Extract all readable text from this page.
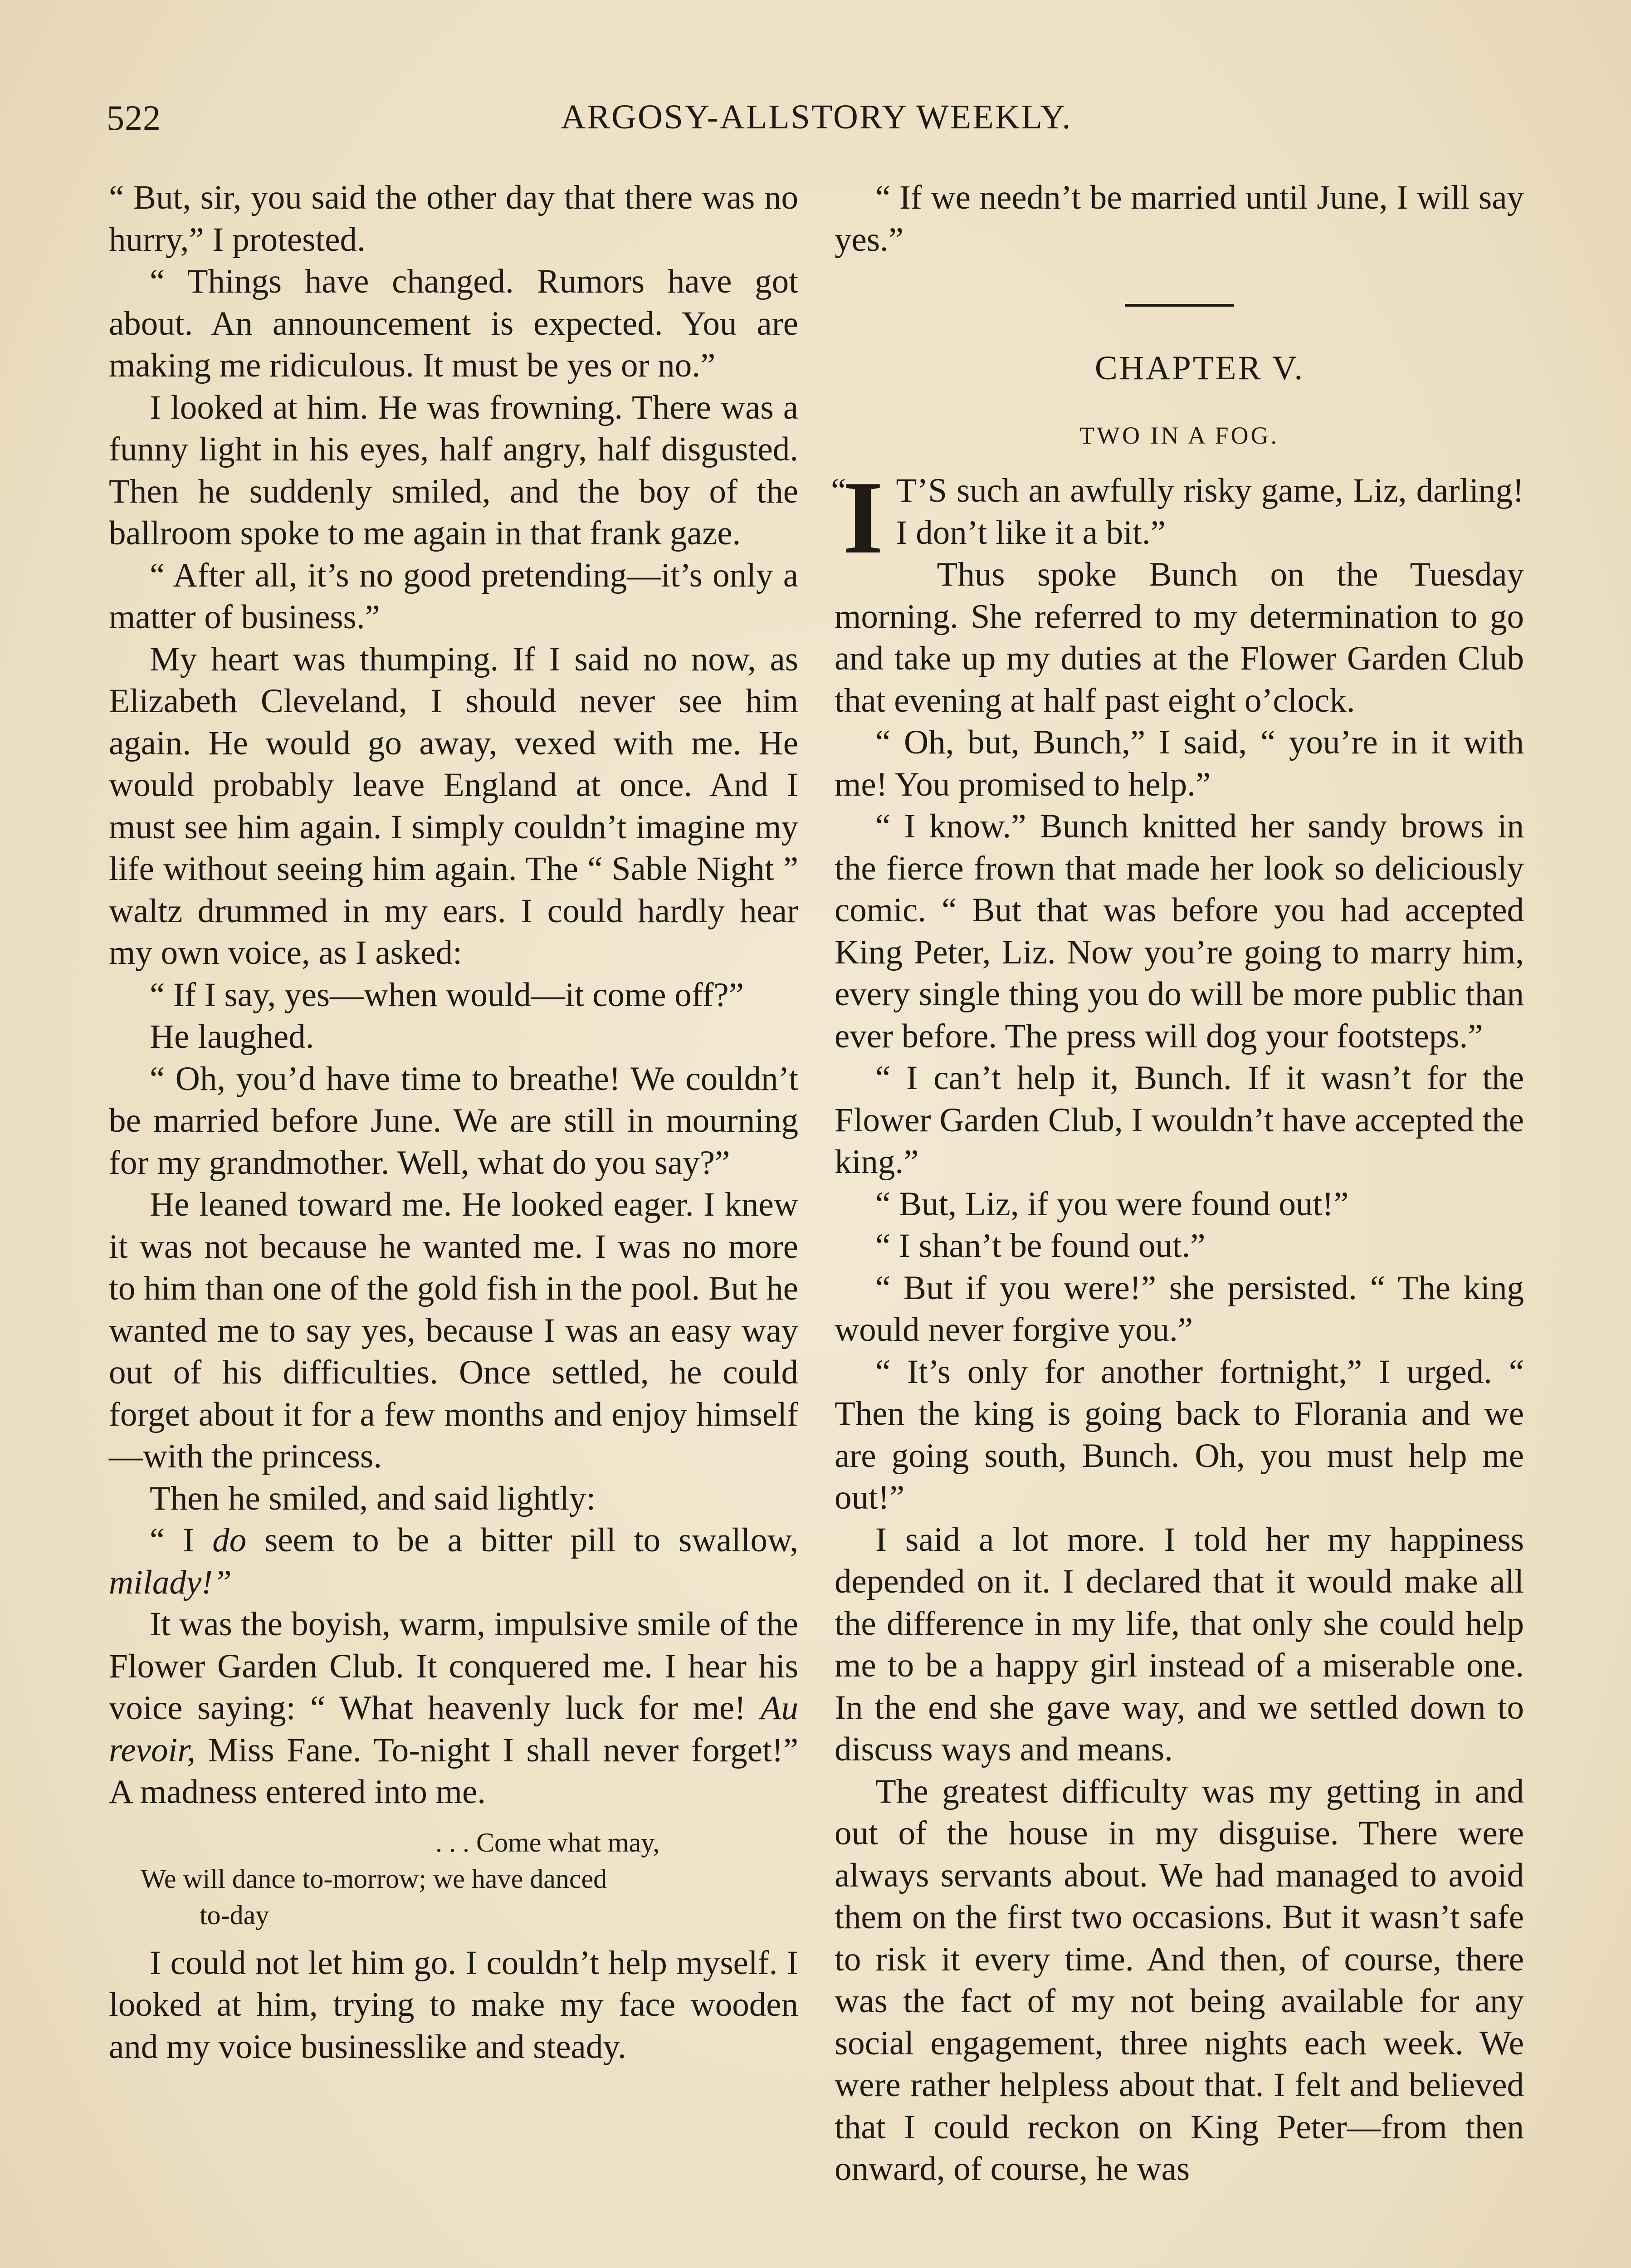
522	ARGOSY-ALLSTORY WEEKLY.

“ But, sir, you said the other day that there was no hurry,” I protested.

“ Things have changed. Rumors have got about. An announcement is expected. You are making me ridiculous. It must be yes or no.”

I looked at him. He was frowning. There was a funny light in his eyes, half angry, half disgusted. Then he suddenly smiled, and the boy of the ballroom spoke to me again in that frank gaze.

“ After all, it’s no good pretending—it’s only a matter of business.”

My heart was thumping. If I said no now, as Elizabeth Cleveland, I should never see him again. He would go away, vexed with me. He would probably leave England at once. And I must see him again. I simply couldn’t imagine my life without seeing him again. The “ Sable Night ” waltz drummed in my ears. I could hardly hear my own voice, as I asked:

“ If I say, yes—when would—it come off?”

He laughed.

“ Oh, you’d have time to breathe! We couldn’t be married before June. We are still in mourning for my grandmother. Well, what do you say?”

He leaned toward me. He looked eager. I knew it was not because he wanted me. I was no more to him than one of the gold fish in the pool. But he wanted me to say yes, because I was an easy way out of his difficulties. Once settled, he could forget about it for a few months and enjoy himself—with the princess.

Then he smiled, and said lightly:

“ I do seem to be a bitter pill to swallow, milady!”

It was the boyish, warm, impulsive smile of the Flower Garden Club. It conquered me. I hear his voice saying: “ What heavenly luck for me! Au revoir, Miss Fane. To-night I shall never forget!” A madness entered into me.

. . . Come what may,
We will dance to-morrow; we have danced
to-day

I could not let him go. I couldn’t help myself. I looked at him, trying to make my face wooden and my voice businesslike and steady.

“ If we needn’t be married until June, I will say yes.”

CHAPTER V.

TWO IN A FOG.

“
I T’S such an awfully risky game, Liz, darling! I don’t like it a bit.”

Thus spoke Bunch on the Tuesday morning. She referred to my determination to go and take up my duties at the Flower Garden Club that evening at half past eight o’clock.

“ Oh, but, Bunch,” I said, “ you’re in it with me! You promised to help.”

“ I know.” Bunch knitted her sandy brows in the fierce frown that made her look so deliciously comic. “ But that was before you had accepted King Peter, Liz. Now you’re going to marry him, every single thing you do will be more public than ever before. The press will dog your footsteps.”

“ I can’t help it, Bunch. If it wasn’t for the Flower Garden Club, I wouldn’t have accepted the king.”

“ But, Liz, if you were found out!”

“ I shan’t be found out.”

“ But if you were!” she persisted. “ The king would never forgive you.”

“ It’s only for another fortnight,” I urged. “ Then the king is going back to Florania and we are going south, Bunch. Oh, you must help me out!”

I said a lot more. I told her my happiness depended on it. I declared that it would make all the difference in my life, that only she could help me to be a happy girl instead of a miserable one. In the end she gave way, and we settled down to discuss ways and means.

The greatest difficulty was my getting in and out of the house in my disguise. There were always servants about. We had managed to avoid them on the first two occasions. But it wasn’t safe to risk it every time. And then, of course, there was the fact of my not being available for any social engagement, three nights each week. We were rather helpless about that. I felt and believed that I could reckon on King Peter—from then onward, of course, he was
